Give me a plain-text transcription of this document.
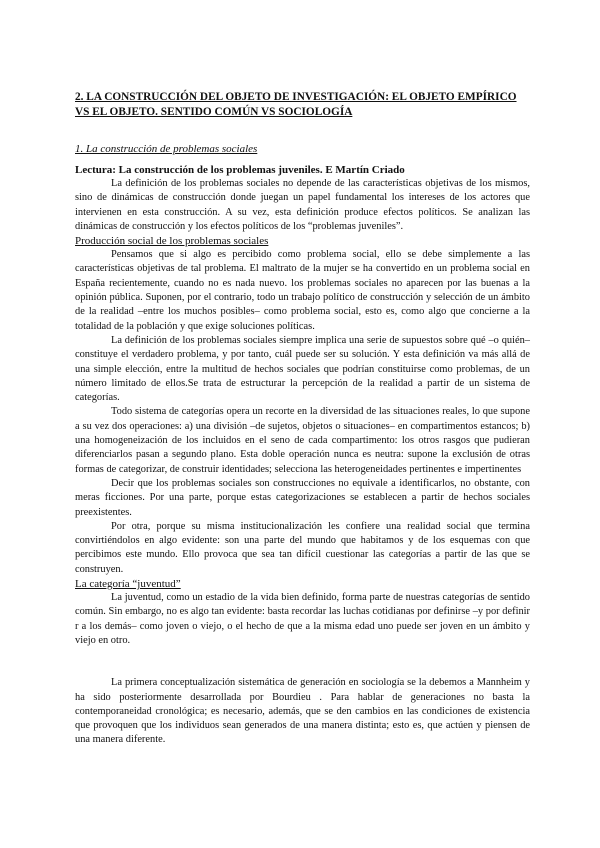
2. LA CONSTRUCCIÓN DEL OBJETO DE INVESTIGACIÓN: EL OBJETO EMPÍRICO VS EL OBJETO. SENTIDO COMÚN VS SOCIOLOGÍA
1. La construcción de problemas sociales
Lectura: La construcción de los problemas juveniles. E Martín Criado

La definición de los problemas sociales no depende de las características objetivas de los mismos, sino de dinámicas de construcción donde juegan un papel fundamental los intereses de los actores que intervienen en esta construcción. A su vez, esta definición produce efectos políticos. Se analizan las dinámicas de construcción y los efectos políticos de los “problemas juveniles”.

Producción social de los problemas sociales

Pensamos que si algo es percibido como problema social, ello se debe simplemente a las características objetivas de tal problema. El maltrato de la mujer se ha convertido en un problema social en España recientemente, cuando no es nada nuevo. los problemas sociales no aparecen por las buenas a la opinión pública. Suponen, por el contrario, todo un trabajo político de construcción y selección de un ámbito de la realidad –entre los muchos posibles– como problema social, esto es, como algo que concierne a la totalidad de la población y que exige soluciones políticas.

La definición de los problemas sociales siempre implica una serie de supuestos sobre qué –o quién– constituye el verdadero problema, y por tanto, cuál puede ser su solución. Y esta definición va más allá de una simple elección, entre la multitud de hechos sociales que podrían constituirse como problemas, de un número limitado de ellos.Se trata de estructurar la percepción de la realidad a partir de un sistema de categorías.

Todo sistema de categorías opera un recorte en la diversidad de las situaciones reales, lo que supone a su vez dos operaciones: a) una división –de sujetos, objetos o situaciones– en compartimentos estancos; b) una homogeneización de los incluidos en el seno de cada compartimento: los otros rasgos que pudieran diferenciarlos pasan a segundo plano. Esta doble operación nunca es neutra: supone la exclusión de otras formas de categorizar, de construir identidades; selecciona las heterogeneidades pertinentes e impertinentes

Decir que los problemas sociales son construcciones no equivale a identificarlos, no obstante, con meras ficciones. Por una parte, porque estas categorizaciones se establecen a partir de hechos sociales preexistentes.

Por otra, porque su misma institucionalización les confiere una realidad social que termina convirtiéndolos en algo evidente: son una parte del mundo que habitamos y de los esquemas con que percibimos este mundo. Ello provoca que sea tan difícil cuestionar las categorías a partir de las que se construyen.

La categoría “juventud”

La juventud, como un estadio de la vida bien definido, forma parte de nuestras categorías de sentido común. Sin embargo, no es algo tan evidente: basta recordar las luchas cotidianas por definirse –y por definir r a los demás– como joven o viejo, o el hecho de que a la misma edad uno puede ser joven en un ámbito y viejo en otro.

La primera conceptualización sistemática de generación en sociología se la debemos a Mannheim y ha sido posteriormente desarrollada por Bourdieu . Para hablar de generaciones no basta la contemporaneidad cronológica; es necesario, además, que se den cambios en las condiciones de existencia que provoquen que los individuos sean generados de una manera distinta; esto es, que actúen y piensen de una manera diferente.
